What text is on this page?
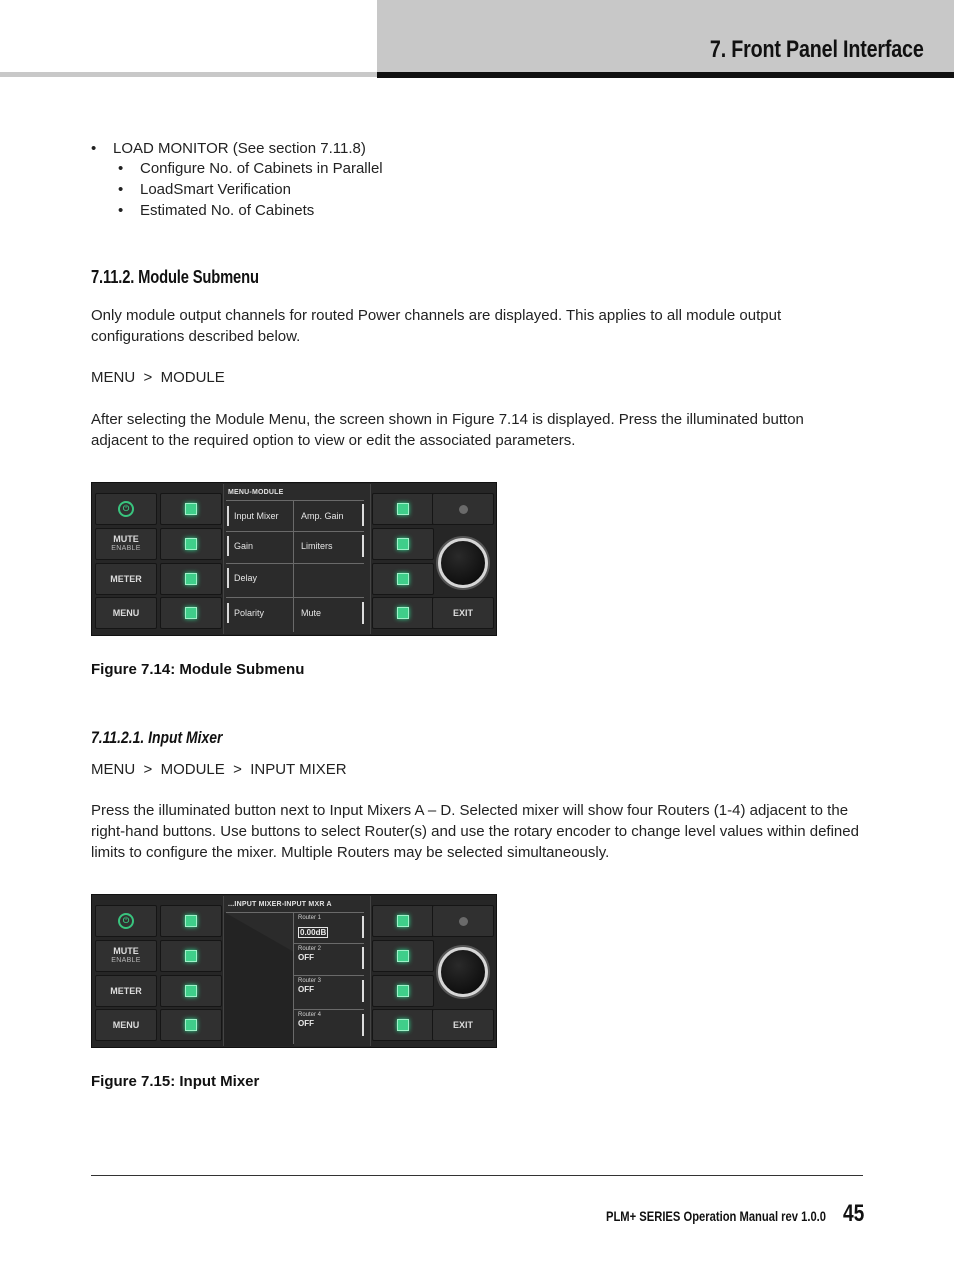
7. Front Panel Interface
• LOAD MONITOR (See section 7.11.8)
• Configure No. of Cabinets in Parallel
• LoadSmart Verification
• Estimated No. of Cabinets
7.11.2. Module Submenu
Only module output channels for routed Power channels are displayed. This applies to all module output configurations described below.
MENU  >  MODULE
After selecting the Module Menu, the screen shown in Figure 7.14 is displayed. Press the illuminated button adjacent to the required option to view or edit the associated parameters.
⏻
MUTE
ENABLE
METER
MENU
MENU-MODULE
Input Mixer	Amp. Gain
Gain	Limiters
Delay
Polarity	Mute	EXIT
Figure 7.14: Module Submenu
7.11.2.1. Input Mixer
MENU  >  MODULE  >  INPUT MIXER
Press the illuminated button next to Input Mixers A – D. Selected mixer will show four Routers (1-4) adjacent to the right-hand buttons. Use buttons to select Router(s) and use the rotary encoder to change level values within defined limits to configure the mixer. Multiple Routers may be selected simultaneously.
⏻
MUTE
ENABLE
METER
MENU
...INPUT MIXER-INPUT MXR A
Router 1
0.00dB
Router 2
OFF
Router 3
OFF
Router 4
OFF	EXIT
Figure 7.15: Input Mixer
PLM+ SERIES Operation Manual rev 1.0.0 45
